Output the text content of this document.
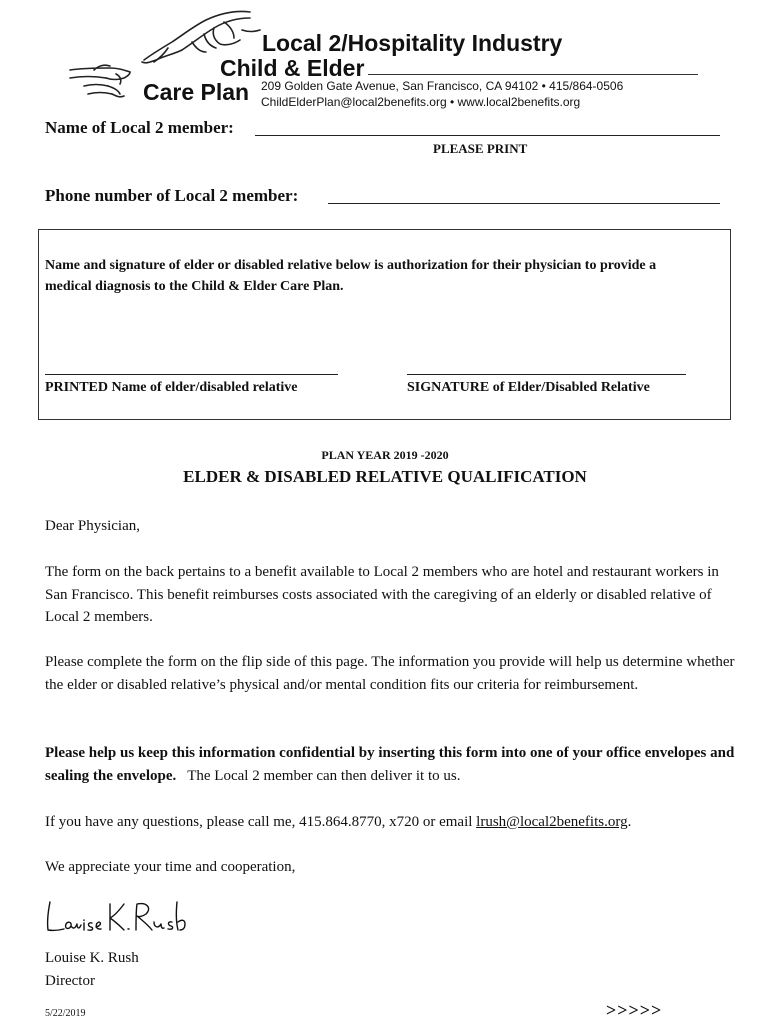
Local 2/Hospitality Industry
Child & Elder
Care Plan 209 Golden Gate Avenue, San Francisco, CA 94102 • 415/864-0506
ChildElderPlan@local2benefits.org • www.local2benefits.org
Name of Local 2 member:
PLEASE PRINT
Phone number of Local 2 member:
Name and signature of elder or disabled relative below is authorization for their physician to provide a medical diagnosis to the Child & Elder Care Plan.
PRINTED Name of elder/disabled relative	SIGNATURE of Elder/Disabled Relative
PLAN YEAR 2019 -2020
ELDER & DISABLED RELATIVE QUALIFICATION
Dear Physician,
The form on the back pertains to a benefit available to Local 2 members who are hotel and restaurant workers in San Francisco. This benefit reimburses costs associated with the caregiving of an elderly or disabled relative of Local 2 members.
Please complete the form on the flip side of this page. The information you provide will help us determine whether the elder or disabled relative’s physical and/or mental condition fits our criteria for reimbursement.
Please help us keep this information confidential by inserting this form into one of your office envelopes and sealing the envelope.   The Local 2 member can then deliver it to us.
If you have any questions, please call me, 415.864.8770, x720 or email lrush@local2benefits.org.
We appreciate your time and cooperation,
Louise K. Rush
Director
5/22/2019	>>>>>
